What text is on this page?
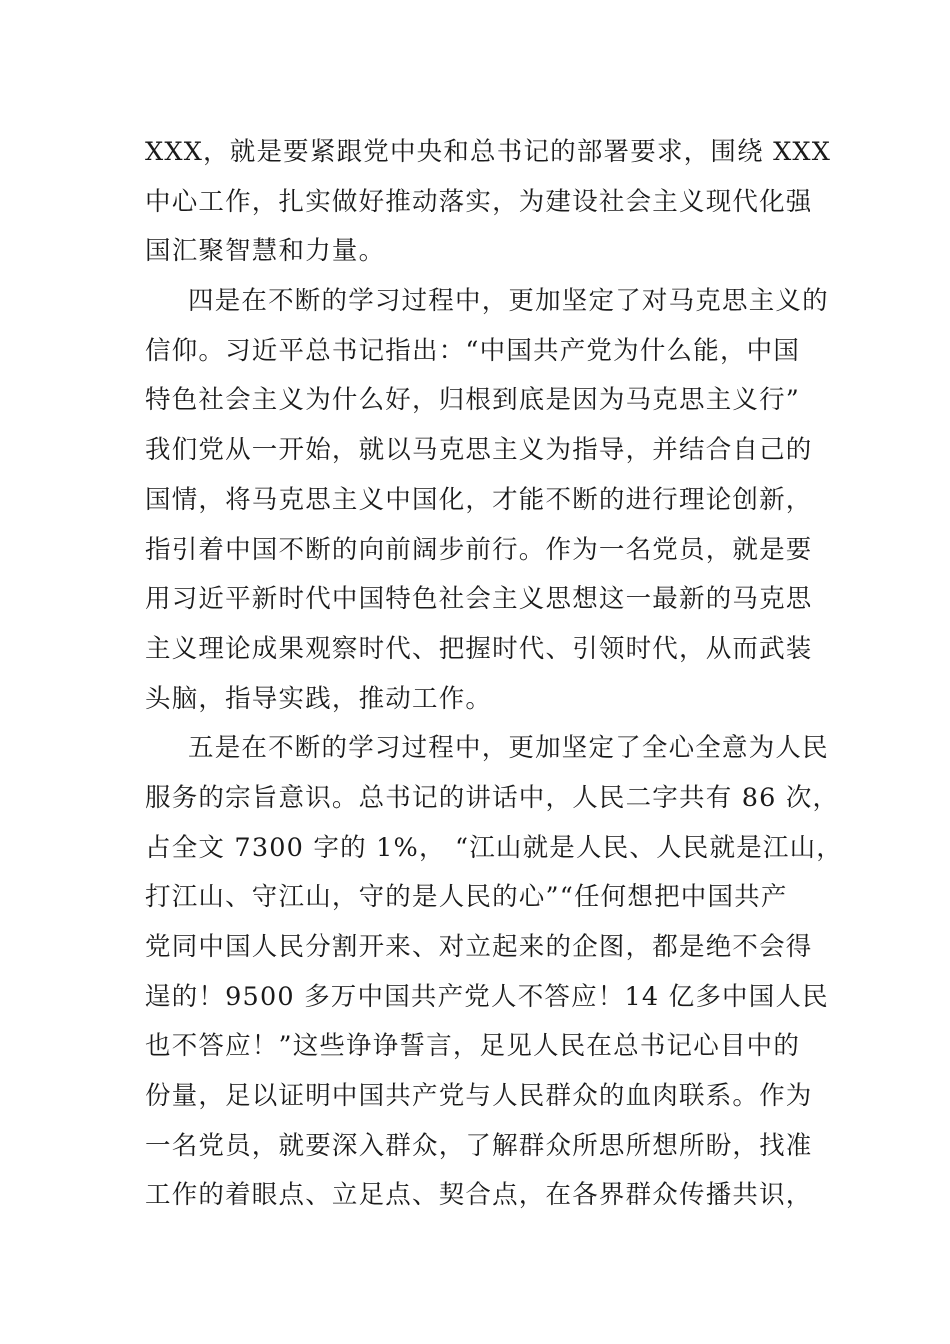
XXX，就是要紧跟党中央和总书记的部署要求，围绕 XXX
中心工作，扎实做好推动落实，为建设社会主义现代化强
国汇聚智慧和力量。
四是在不断的学习过程中，更加坚定了对马克思主义的
信仰。习近平总书记指出：“中国共产党为什么能，中国
特色社会主义为什么好，归根到底是因为马克思主义行”
我们党从一开始，就以马克思主义为指导，并结合自己的
国情，将马克思主义中国化，才能不断的进行理论创新，
指引着中国不断的向前阔步前行。作为一名党员，就是要
用习近平新时代中国特色社会主义思想这一最新的马克思
主义理论成果观察时代、把握时代、引领时代，从而武装
头脑，指导实践，推动工作。
五是在不断的学习过程中，更加坚定了全心全意为人民
服务的宗旨意识。总书记的讲话中，人民二字共有 86 次，
占全文 7300 字的 1%， “江山就是人民、人民就是江山，
打江山、守江山，守的是人民的心”“任何想把中国共产
党同中国人民分割开来、对立起来的企图，都是绝不会得
逞的！9500 多万中国共产党人不答应！14 亿多中国人民
也不答应！”这些诤诤誓言，足见人民在总书记心目中的
份量，足以证明中国共产党与人民群众的血肉联系。作为
一名党员，就要深入群众，了解群众所思所想所盼，找准
工作的着眼点、立足点、契合点，在各界群众传播共识，
